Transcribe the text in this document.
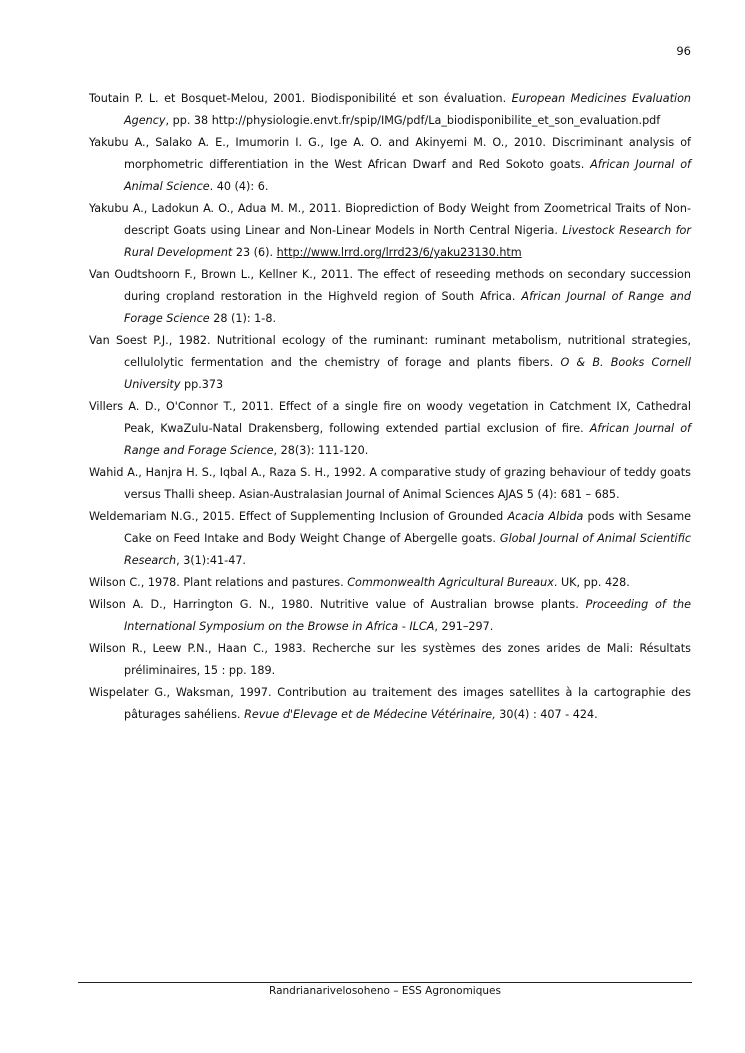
96
Toutain P. L. et Bosquet-Melou, 2001. Biodisponibilité et son évaluation. European Medicines Evaluation Agency, pp. 38 http://physiologie.envt.fr/spip/IMG/pdf/La_biodisponibilite_et_son_evaluation.pdf
Yakubu A., Salako A. E., Imumorin I. G., Ige A. O. and Akinyemi M. O., 2010. Discriminant analysis of morphometric differentiation in the West African Dwarf and Red Sokoto goats. African Journal of Animal Science. 40 (4): 6.
Yakubu A., Ladokun A. O., Adua M. M., 2011. Bioprediction of Body Weight from Zoometrical Traits of Non-descript Goats using Linear and Non-Linear Models in North Central Nigeria. Livestock Research for Rural Development 23 (6). http://www.lrrd.org/lrrd23/6/yaku23130.htm
Van Oudtshoorn F., Brown L., Kellner K., 2011. The effect of reseeding methods on secondary succession during cropland restoration in the Highveld region of South Africa. African Journal of Range and Forage Science 28 (1): 1-8.
Van Soest P.J., 1982. Nutritional ecology of the ruminant: ruminant metabolism, nutritional strategies, cellulolytic fermentation and the chemistry of forage and plants fibers. O & B. Books Cornell University pp.373
Villers A. D., O'Connor T., 2011. Effect of a single fire on woody vegetation in Catchment IX, Cathedral Peak, KwaZulu-Natal Drakensberg, following extended partial exclusion of fire. African Journal of Range and Forage Science, 28(3): 111-120.
Wahid A., Hanjra H. S., Iqbal A., Raza S. H., 1992. A comparative study of grazing behaviour of teddy goats versus Thalli sheep. Asian-Australasian Journal of Animal Sciences AJAS 5 (4): 681 – 685.
Weldemariam N.G., 2015. Effect of Supplementing Inclusion of Grounded Acacia Albida pods with Sesame Cake on Feed Intake and Body Weight Change of Abergelle goats. Global Journal of Animal Scientific Research, 3(1):41-47.
Wilson C., 1978. Plant relations and pastures. Commonwealth Agricultural Bureaux. UK, pp. 428.
Wilson A. D., Harrington G. N., 1980. Nutritive value of Australian browse plants. Proceeding of the International Symposium on the Browse in Africa - ILCA, 291–297.
Wilson R., Leew P.N., Haan C., 1983. Recherche sur les systèmes des zones arides de Mali: Résultats préliminaires, 15 : pp. 189.
Wispelater G., Waksman, 1997. Contribution au traitement des images satellites à la cartographie des pâturages sahéliens. Revue d'Elevage et de Médecine Vétérinaire, 30(4) : 407 - 424.
Randrianarivelosoheno – ESS Agronomiques
